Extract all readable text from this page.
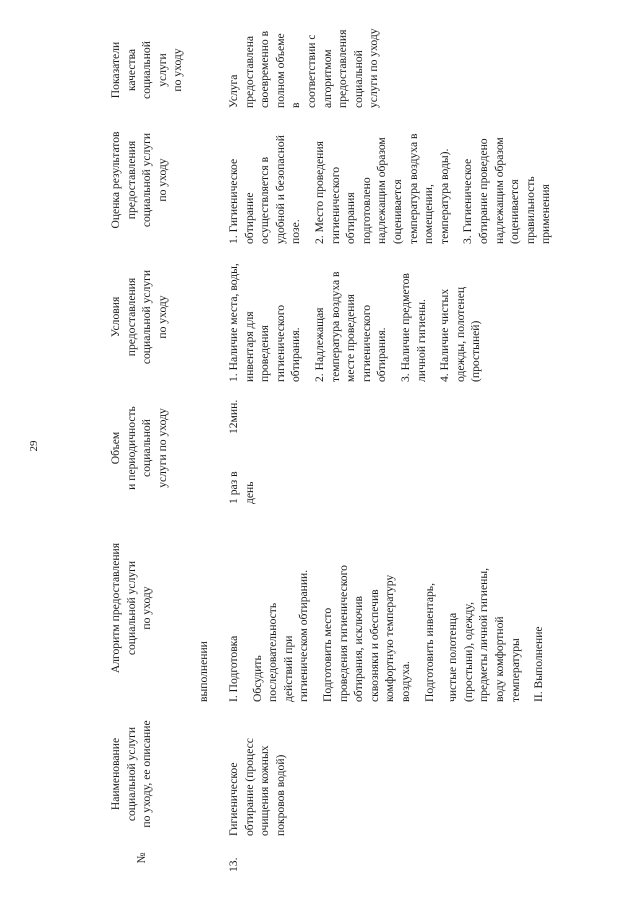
29
№
Наименование социальной услуги по уходу, ее описание
Алгоритм предоставления социальной услуги по уходу
Объем и периодичность социальной услуги по уходу
Условия предоставления социальной услуги по уходу
Оценка результатов предоставления социальной услуги по уходу
Показатели качества социальной услуги по уходу
выполнении
13.
Гигиеническое обтирание (процесс очищения кожных покровов водой)
I. Подготовка Обсудить последовательность действий при гигиеническом обтирании. Подготовить место проведения гигиенического обтирания, исключив сквозняки и обеспечив комфортную температуру воздуха. Подготовить инвентарь, чистые полотенца (простыни), одежду, предметы личной гигиены, воду комфортной температуры II. Выполнение
1 раз в день
12мин.
1. Наличие места, воды, инвентаря для проведения гигиенического обтирания. 2. Надлежащая температура воздуха в месте проведения гигиенического обтирания. 3. Наличие предметов личной гигиены. 4. Наличие чистых одежды, полотенец (простыней)
1. Гигиеническое обтирание осуществляется в удобной и безопасной позе. 2. Место проведения гигиенического обтирания подготовлено надлежащим образом (оценивается температура воздуха в помещении, температура воды). 3. Гигиеническое обтирание проведено надлежащим образом (оценивается правильность применения
Услуга предоставлена своевременно в полном объеме в соответствии с алгоритмом предоставления социальной услуги по уходу
